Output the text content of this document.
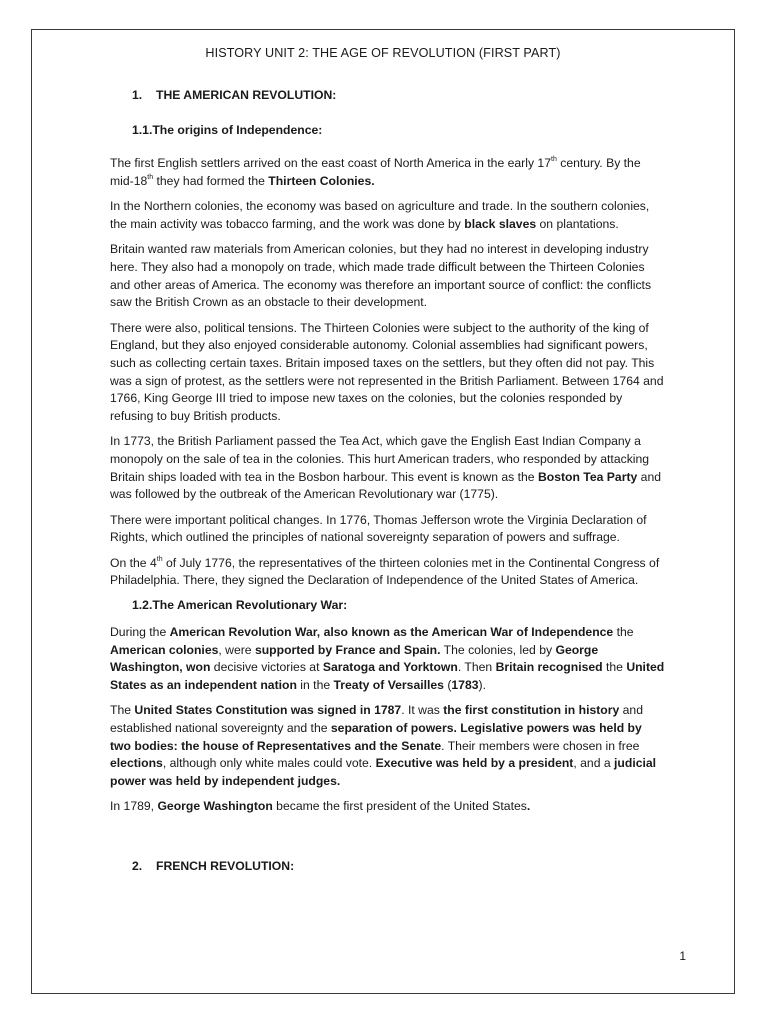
HISTORY UNIT 2: THE AGE OF REVOLUTION (FIRST PART)
1. THE AMERICAN REVOLUTION:
1.1.The origins of Independence:

The first English settlers arrived on the east coast of North America in the early 17th century. By the mid-18th they had formed the Thirteen Colonies.

In the Northern colonies, the economy was based on agriculture and trade. In the southern colonies, the main activity was tobacco farming, and the work was done by black slaves on plantations.

Britain wanted raw materials from American colonies, but they had no interest in developing industry here. They also had a monopoly on trade, which made trade difficult between the Thirteen Colonies and other areas of America. The economy was therefore an important source of conflict: the conflicts saw the British Crown as an obstacle to their development.

There were also, political tensions. The Thirteen Colonies were subject to the authority of the king of England, but they also enjoyed considerable autonomy. Colonial assemblies had significant powers, such as collecting certain taxes. Britain imposed taxes on the settlers, but they often did not pay. This was a sign of protest, as the settlers were not represented in the British Parliament. Between 1764 and 1766, King George III tried to impose new taxes on the colonies, but the colonies responded by refusing to buy British products.

In 1773, the British Parliament passed the Tea Act, which gave the English East Indian Company a monopoly on the sale of tea in the colonies. This hurt American traders, who responded by attacking Britain ships loaded with tea in the Bosbon harbour. This event is known as the Boston Tea Party and was followed by the outbreak of the American Revolutionary war (1775).

There were important political changes. In 1776, Thomas Jefferson wrote the Virginia Declaration of Rights, which outlined the principles of national sovereignty separation of powers and suffrage.

On the 4th of July 1776, the representatives of the thirteen colonies met in the Continental Congress of Philadelphia. There, they signed the Declaration of Independence of the United States of America.

1.2.The American Revolutionary War:

During the American Revolution War, also known as the American War of Independence the American colonies, were supported by France and Spain. The colonies, led by George Washington, won decisive victories at Saratoga and Yorktown. Then Britain recognised the United States as an independent nation in the Treaty of Versailles (1783).

The United States Constitution was signed in 1787. It was the first constitution in history and established national sovereignty and the separation of powers. Legislative powers was held by two bodies: the house of Representatives and the Senate. Their members were chosen in free elections, although only white males could vote. Executive was held by a president, and a judicial power was held by independent judges.

In 1789, George Washington became the first president of the United States.

2. FRENCH REVOLUTION:
1
